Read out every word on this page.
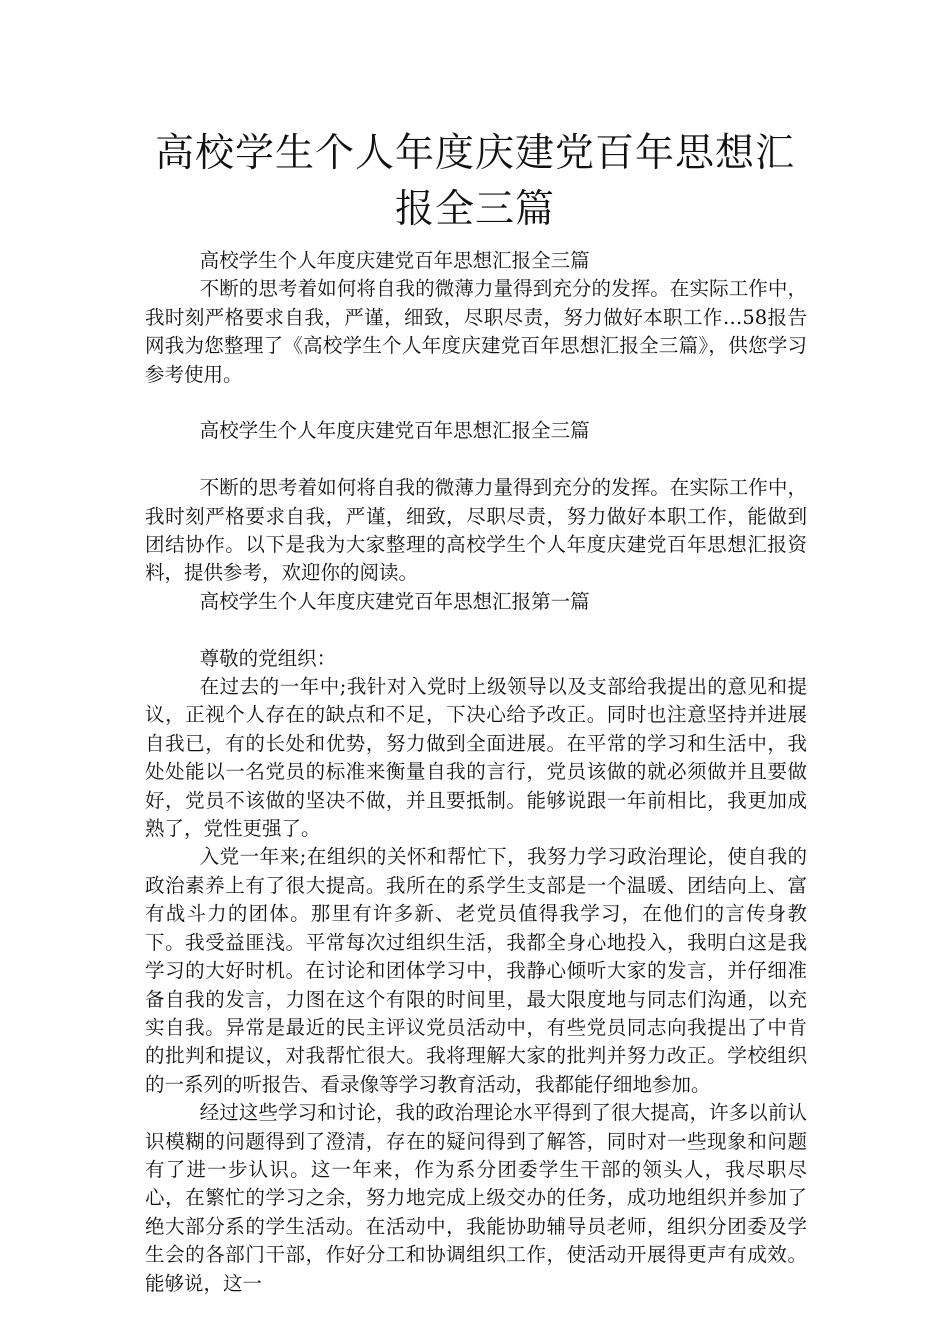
高校学生个人年度庆建党百年思想汇报全三篇

高校学生个人年度庆建党百年思想汇报全三篇

不断的思考着如何将自我的微薄力量得到充分的发挥。在实际工作中，我时刻严格要求自我，严谨，细致，尽职尽责，努力做好本职工作…58报告网我为您整理了《高校学生个人年度庆建党百年思想汇报全三篇》，供您学习参考使用。

高校学生个人年度庆建党百年思想汇报全三篇

不断的思考着如何将自我的微薄力量得到充分的发挥。在实际工作中，我时刻严格要求自我，严谨，细致，尽职尽责，努力做好本职工作，能做到团结协作。以下是我为大家整理的高校学生个人年度庆建党百年思想汇报资料，提供参考，欢迎你的阅读。

高校学生个人年度庆建党百年思想汇报第一篇

尊敬的党组织：

在过去的一年中;我针对入党时上级领导以及支部给我提出的意见和提议，正视个人存在的缺点和不足，下决心给予改正。同时也注意坚持并进展自我已，有的长处和优势，努力做到全面进展。在平常的学习和生活中，我处处能以一名党员的标准来衡量自我的言行，党员该做的就必须做并且要做好，党员不该做的坚决不做，并且要抵制。能够说跟一年前相比，我更加成熟了，党性更强了。

入党一年来;在组织的关怀和帮忙下，我努力学习政治理论，使自我的政治素养上有了很大提高。我所在的系学生支部是一个温暖、团结向上、富有战斗力的团体。那里有许多新、老党员值得我学习，在他们的言传身教下。我受益匪浅。平常每次过组织生活，我都全身心地投入，我明白这是我学习的大好时机。在讨论和团体学习中，我静心倾听大家的发言，并仔细准备自我的发言，力图在这个有限的时间里，最大限度地与同志们沟通，以充实自我。异常是最近的民主评议党员活动中，有些党员同志向我提出了中肯的批判和提议，对我帮忙很大。我将理解大家的批判并努力改正。学校组织的一系列的听报告、看录像等学习教育活动，我都能仔细地参加。

经过这些学习和讨论，我的政治理论水平得到了很大提高，许多以前认识模糊的问题得到了澄清，存在的疑问得到了解答，同时对一些现象和问题有了进一步认识。这一年来，作为系分团委学生干部的领头人，我尽职尽心，在繁忙的学习之余，努力地完成上级交办的任务，成功地组织并参加了绝大部分系的学生活动。在活动中，我能协助辅导员老师，组织分团委及学生会的各部门干部，作好分工和协调组织工作，使活动开展得更声有成效。能够说，这一
